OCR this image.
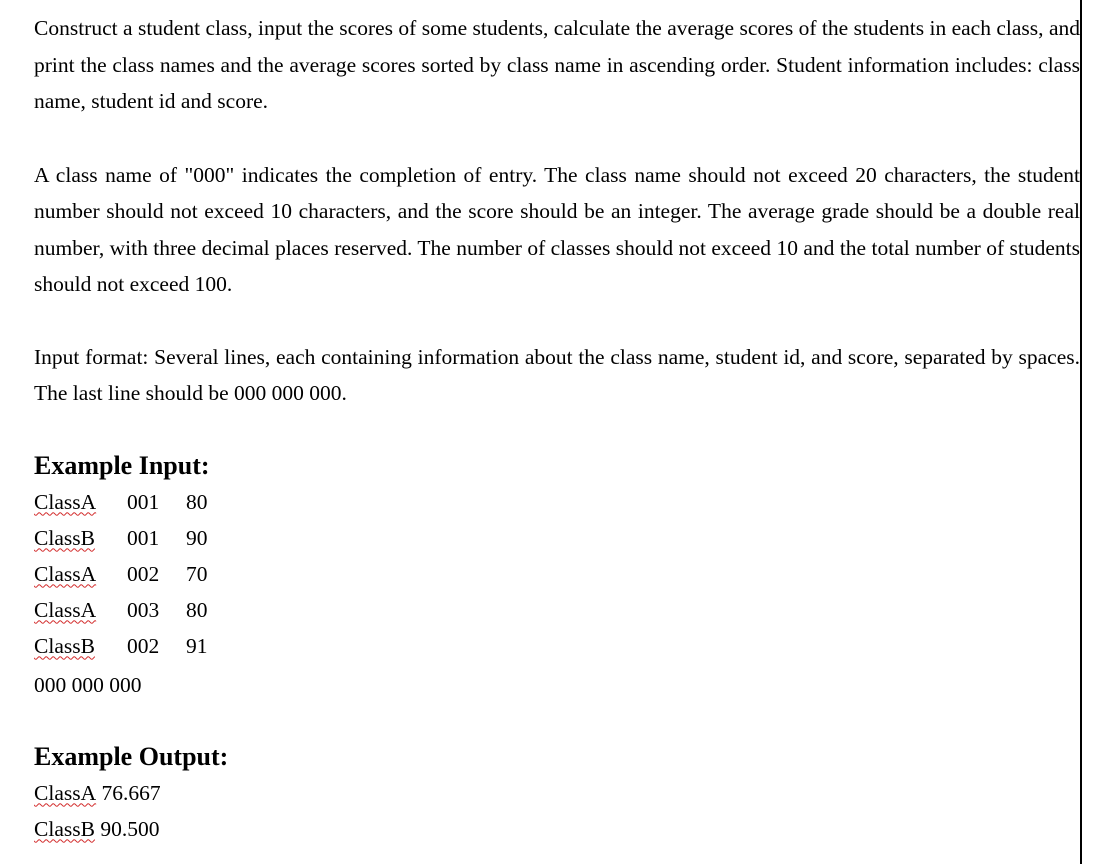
Construct a student class, input the scores of some students, calculate the average scores of the students in each class, and print the class names and the average scores sorted by class name in ascending order. Student information includes: class name, student id and score.

A class name of "000" indicates the completion of entry. The class name should not exceed 20 characters, the student number should not exceed 10 characters, and the score should be an integer. The average grade should be a double real number, with three decimal places reserved. The number of classes should not exceed 10 and the total number of students should not exceed 100.

Input format: Several lines, each containing information about the class name, student id, and score, separated by spaces. The last line should be 000 000 000.

Example Input:
ClassA 001 80
ClassB 001 90
ClassA 002 70
ClassA 003 80
ClassB 002 91
000 000 000
Example Output:
ClassA 76.667
ClassB 90.500
